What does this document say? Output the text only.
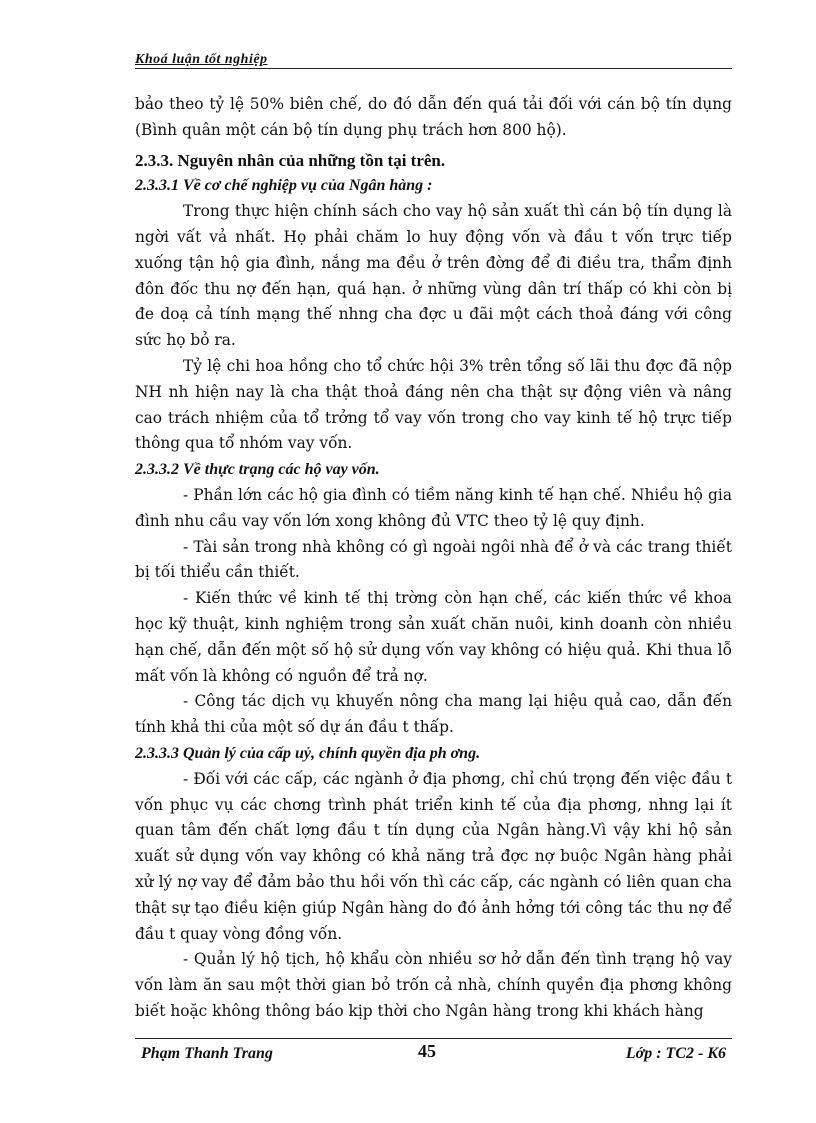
Khoá luận tốt nghiệp

bảo theo tỷ lệ 50% biên chế, do đó dẫn đến quá tải đối với cán bộ tín dụng (Bình quân một cán bộ tín dụng phụ trách hơn 800 hộ).

2.3.3. Nguyên nhân của những tồn tại trên.

2.3.3.1 Về cơ chế nghiệp vụ của Ngân hàng :

Trong thực hiện chính sách cho vay hộ sản xuất thì cán bộ tín dụng là ngời vất vả nhất. Họ phải chăm lo huy động vốn và đầu t vốn trực tiếp xuống tận hộ gia đình, nắng ma đều ở trên đờng để đi điều tra, thẩm định đôn đốc thu nợ đến hạn, quá hạn. ở những vùng dân trí thấp có khi còn bị đe doạ cả tính mạng thế nhng cha đợc u đãi một cách thoả đáng với công sức họ bỏ ra.

Tỷ lệ chi hoa hồng cho tổ chức hội 3% trên tổng số lãi thu đợc đã nộp NH nh hiện nay là cha thật thoả đáng nên cha thật sự động viên và nâng cao trách nhiệm của tổ trởng tổ vay vốn trong cho vay kinh tế hộ trực tiếp thông qua tổ nhóm vay vốn.

2.3.3.2 Về thực trạng các hộ vay vốn.

- Phần lớn các hộ gia đình có tiềm năng kinh tế hạn chế. Nhiều hộ gia đình nhu cầu vay vốn lớn xong không đủ VTC theo tỷ lệ quy định.

- Tài sản trong nhà không có gì ngoài ngôi nhà để ở và các trang thiết bị tối thiểu cần thiết.

- Kiến thức về kinh tế thị trờng còn hạn chế, các kiến thức về khoa học kỹ thuật, kinh nghiệm trong sản xuất chăn nuôi, kinh doanh còn nhiều hạn chế, dẫn đến một số hộ sử dụng vốn vay không có hiệu quả. Khi thua lỗ mất vốn là không có nguồn để trả nợ.

- Công tác dịch vụ khuyến nông cha mang lại hiệu quả cao, dẫn đến tính khả thi của một số dự án đầu t thấp.

2.3.3.3 Quản lý của cấp uỷ, chính quyền địa ph ơng.

- Đối với các cấp, các ngành ở địa phơng, chỉ chú trọng đến việc đầu t vốn phục vụ các chơng trình phát triển kinh tế của địa phơng, nhng lại ít quan tâm đến chất lợng đầu t tín dụng của Ngân hàng.Vì vậy khi hộ sản xuất sử dụng vốn vay không có khả năng trả đợc nợ buộc Ngân hàng phải xử lý nợ vay để đảm bảo thu hồi vốn thì các cấp, các ngành có liên quan cha thật sự tạo điều kiện giúp Ngân hàng do đó ảnh hởng tới công tác thu nợ để đầu t quay vòng đồng vốn.

- Quản lý hộ tịch, hộ khẩu còn nhiều sơ hở dẫn đến tình trạng hộ vay vốn làm ăn sau một thời gian bỏ trốn cả nhà, chính quyền địa phơng không biết hoặc không thông báo kịp thời cho Ngân hàng trong khi khách hàng

Phạm Thanh Trang	45	Lớp : TC2 - K6
